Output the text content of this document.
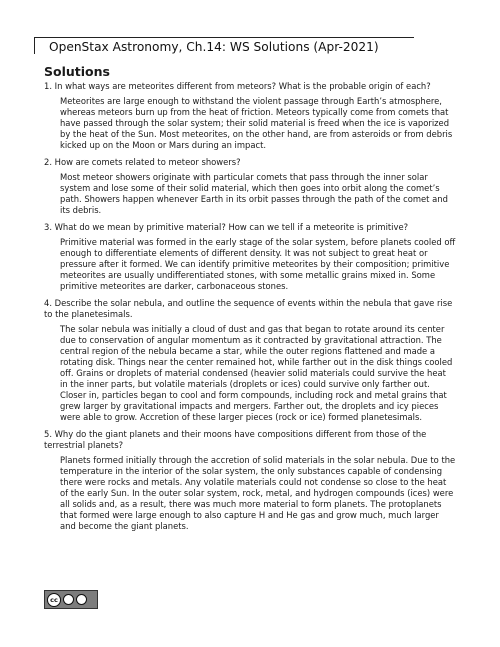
OpenStax Astronomy, Ch.14: WS Solutions (Apr-2021)
Solutions
1. In what ways are meteorites different from meteors? What is the probable origin of each?
Meteorites are large enough to withstand the violent passage through Earth’s atmosphere, whereas meteors burn up from the heat of friction. Meteors typically come from comets that have passed through the solar system; their solid material is freed when the ice is vaporized by the heat of the Sun. Most meteorites, on the other hand, are from asteroids or from debris kicked up on the Moon or Mars during an impact.
2. How are comets related to meteor showers?
Most meteor showers originate with particular comets that pass through the inner solar system and lose some of their solid material, which then goes into orbit along the comet’s path. Showers happen whenever Earth in its orbit passes through the path of the comet and its debris.
3. What do we mean by primitive material? How can we tell if a meteorite is primitive?
Primitive material was formed in the early stage of the solar system, before planets cooled off enough to differentiate elements of different density. It was not subject to great heat or pressure after it formed. We can identify primitive meteorites by their composition; primitive meteorites are usually undifferentiated stones, with some metallic grains mixed in. Some primitive meteorites are darker, carbonaceous stones.
4. Describe the solar nebula, and outline the sequence of events within the nebula that gave rise to the planetesimals.
The solar nebula was initially a cloud of dust and gas that began to rotate around its center due to conservation of angular momentum as it contracted by gravitational attraction. The central region of the nebula became a star, while the outer regions flattened and made a rotating disk. Things near the center remained hot, while farther out in the disk things cooled off. Grains or droplets of material condensed (heavier solid materials could survive the heat in the inner parts, but volatile materials (droplets or ices) could survive only farther out. Closer in, particles began to cool and form compounds, including rock and metal grains that grew larger by gravitational impacts and mergers. Farther out, the droplets and icy pieces were able to grow. Accretion of these larger pieces (rock or ice) formed planetesimals.
5. Why do the giant planets and their moons have compositions different from those of the terrestrial planets?
Planets formed initially through the accretion of solid materials in the solar nebula. Due to the temperature in the interior of the solar system, the only substances capable of condensing there were rocks and metals. Any volatile materials could not condense so close to the heat of the early Sun. In the outer solar system, rock, metal, and hydrogen compounds (ices) were all solids and, as a result, there was much more material to form planets. The protoplanets that formed were large enough to also capture H and He gas and grow much, much larger and become the giant planets.
cc
